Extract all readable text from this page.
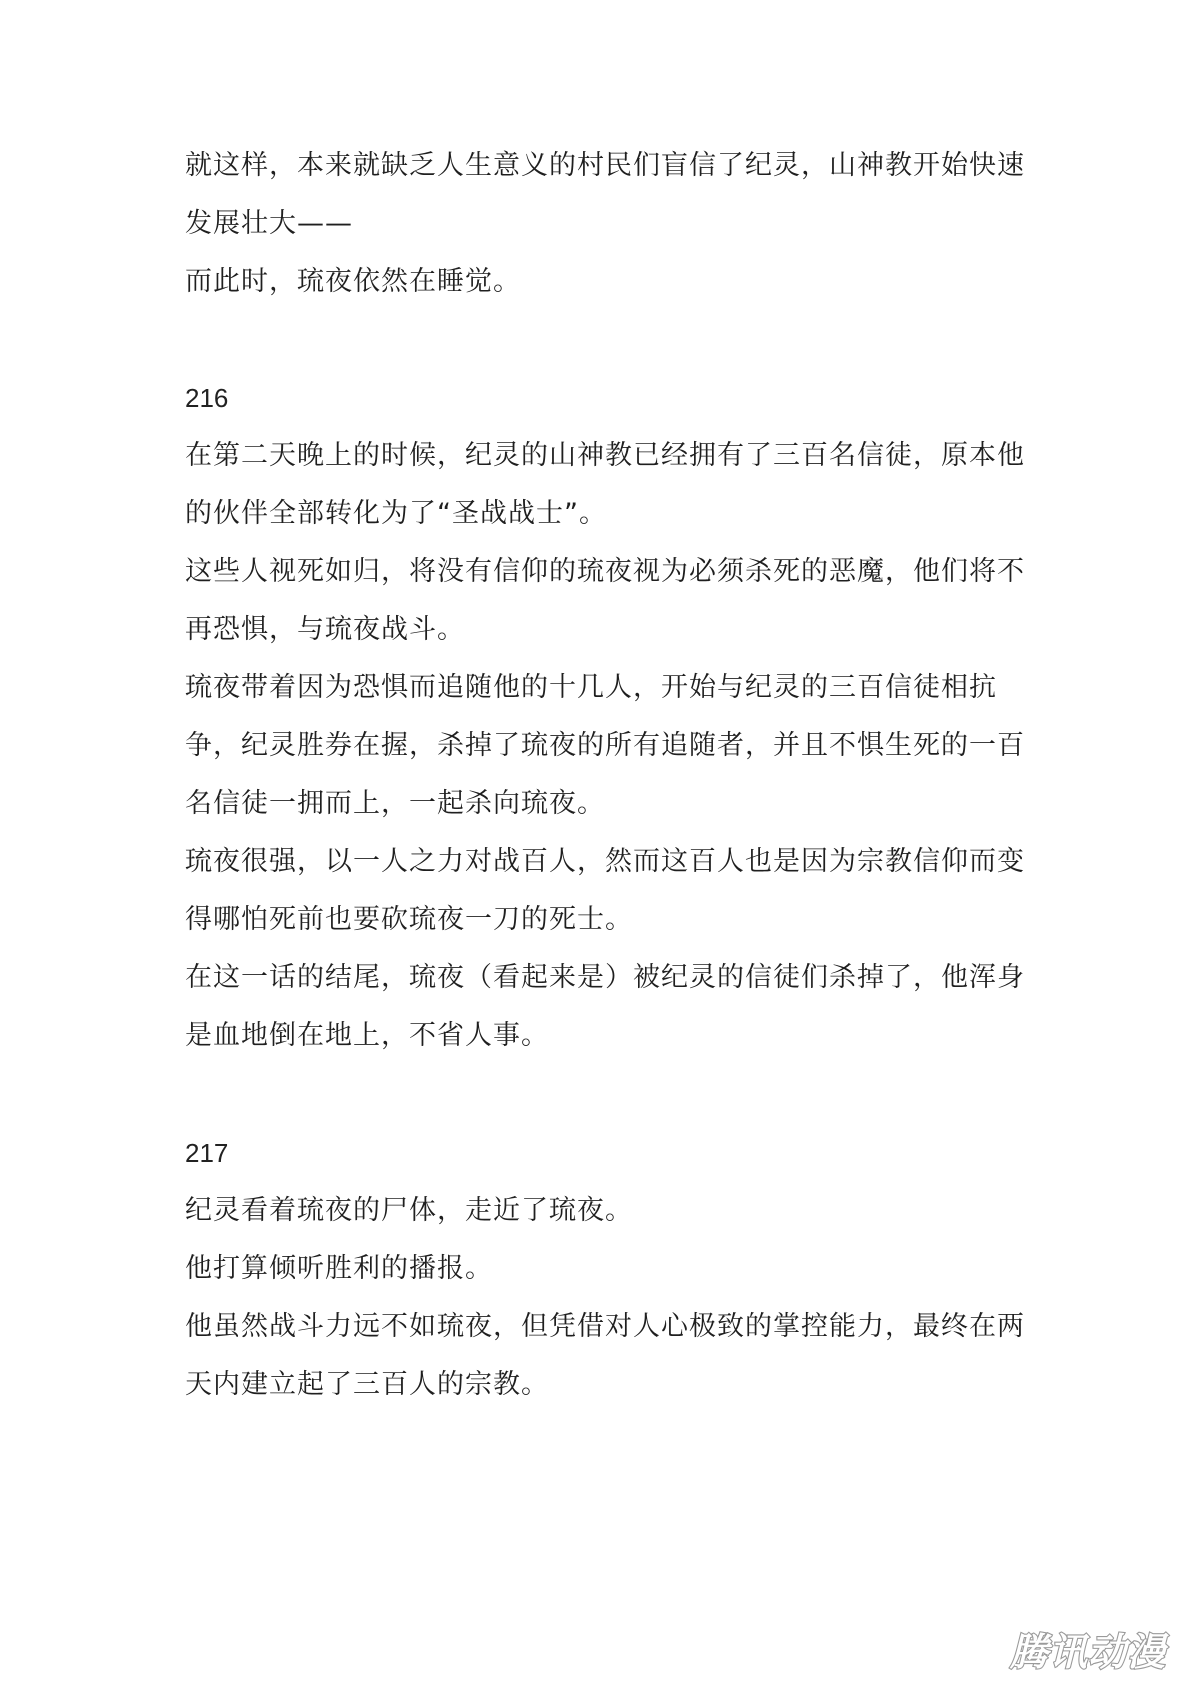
就这样，本来就缺乏人生意义的村民们盲信了纪灵，山神教开始快速
发展壮大——
而此时，琉夜依然在睡觉。
216
在第二天晚上的时候，纪灵的山神教已经拥有了三百名信徒，原本他
的伙伴全部转化为了“圣战战士”。
这些人视死如归，将没有信仰的琉夜视为必须杀死的恶魔，他们将不
再恐惧，与琉夜战斗。
琉夜带着因为恐惧而追随他的十几人，开始与纪灵的三百信徒相抗
争，纪灵胜券在握，杀掉了琉夜的所有追随者，并且不惧生死的一百
名信徒一拥而上，一起杀向琉夜。
琉夜很强，以一人之力对战百人，然而这百人也是因为宗教信仰而变
得哪怕死前也要砍琉夜一刀的死士。
在这一话的结尾，琉夜（看起来是）被纪灵的信徒们杀掉了，他浑身
是血地倒在地上，不省人事。
217
纪灵看着琉夜的尸体，走近了琉夜。
他打算倾听胜利的播报。
他虽然战斗力远不如琉夜，但凭借对人心极致的掌控能力，最终在两
天内建立起了三百人的宗教。
腾讯动漫
